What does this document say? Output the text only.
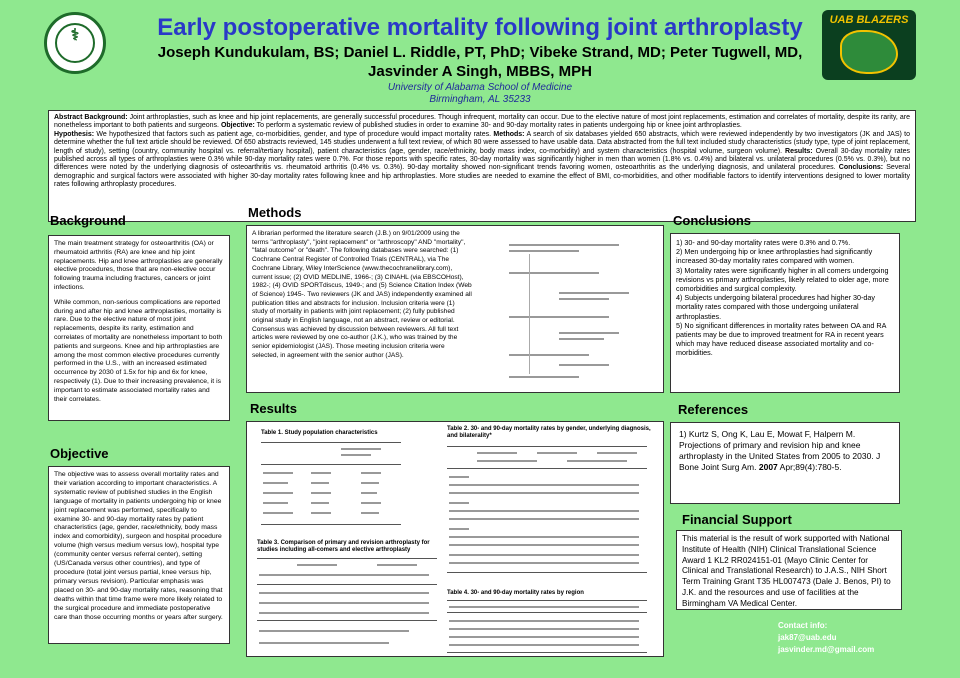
⚕	Early postoperative mortality following joint arthroplasty
Joseph Kundukulam, BS; Daniel L. Riddle, PT, PhD; Vibeke Strand, MD; Peter Tugwell, MD,
Jasvinder A Singh, MBBS, MPH
University of Alabama School of Medicine
Birmingham, AL 35233
UAB BLAZERS
Abstract Background: Joint arthroplasties, such as knee and hip joint replacements, are generally successful procedures. Though infrequent, mortality can occur. Due to the elective nature of most joint replacements, estimation and correlates of mortality, despite its rarity, are nonetheless important to both patients and surgeons. Objective: To perform a systematic review of published studies in order to examine 30- and 90-day mortality rates in patients undergoing hip or knee joint arthroplasties.
Hypothesis: We hypothesized that factors such as patient age, co-morbidities, gender, and type of procedure would impact mortality rates. Methods: A search of six databases yielded 650 abstracts, which were reviewed independently by two investigators (JK and JAS) to determine whether the full text article should be reviewed. Of 650 abstracts reviewed, 145 studies underwent a full text review, of which 80 were assessed to have usable data. Data abstracted from the full text included study characteristics (study type, type of joint replacement, length of study), setting (country, community hospital vs. referral/tertiary hospital), patient characteristics (age, gender, race/ethnicity, body mass index, co-morbidity) and system characteristics (hospital volume, surgeon volume). Results: Overall 30-day mortality rates published across all types of arthroplasties were 0.3% while 90-day mortality rates were 0.7%. For those reports with specific rates, 30-day mortality was significantly higher in men than women (1.8% vs. 0.4%) and bilateral vs. unilateral procedures (0.5% vs. 0.3%), but no differences were noted by the underlying diagnosis of osteoarthritis vs. rheumatoid arthritis (0.4% vs. 0.3%). 90-day mortality showed non-significant trends favoring women, osteoarthritis as the underlying diagnosis, and unilateral procedures. Conclusions: Several demographic and surgical factors were associated with higher 30-day mortality rates following knee and hip arthroplasties. More studies are needed to examine the effect of BMI, co-morbidities, and other modifiable factors to identify interventions designed to lower mortality rates following arthroplasty procedures.
Background

The main treatment strategy for osteoarthritis (OA) or rheumatoid arthritis (RA) are knee and hip joint replacements. Hip and knee arthroplasties are generally elective procedures, those that are non-elective occur following trauma including fractures, cancers or joint infections.

While common, non-serious complications are reported during and after hip and knee arthroplasties, mortality is rare. Due to the elective nature of most joint replacements, despite its rarity, estimation and correlates of mortality are nonetheless important to both patients and surgeons. Knee and hip arthroplasties are among the most common elective procedures currently performed in the U.S., with an increased estimated occurrence by 2030 of 1.5x for hip and 6x for knee, respectively (1). Due to their increasing prevalence, it is important to estimate associated mortality rates and their correlates.

Objective

The objective was to assess overall mortality rates and their variation according to important characteristics. A systematic review of published studies in the English language of mortality in patients undergoing hip or knee joint replacement was performed, specifically to examine 30- and 90-day mortality rates by patient characteristics (age, gender, race/ethnicity, body mass index and comorbidity), surgeon and hospital procedure volume (high versus medium versus low), hospital type (community center versus referral center), setting (US/Canada versus other countries), and type of procedure (total joint versus partial, knee versus hip, primary versus revision). Particular emphasis was placed on 30- and 90-day mortality rates, reasoning that deaths within that time frame were more likely related to the surgical procedure and immediate postoperative care than those occurring months or years after surgery.

Methods
A librarian performed the literature search (J.B.) on 9/01/2009 using the terms "arthroplasty", "joint replacement" or "arthroscopy" AND "mortality", "fatal outcome" or "death". The following databases were searched: (1) Cochrane Central Register of Controlled Trials (CENTRAL), via The Cochrane Library, Wiley InterScience (www.thecochranelibrary.com), current issue; (2) OVID MEDLINE, 1966-; (3) CINAHL (via EBSCOHost), 1982-; (4) OVID SPORTdiscus, 1949-; and (5) Science Citation Index (Web of Science) 1945-. Two reviewers (JK and JAS) independently examined all publication titles and abstracts for inclusion. Inclusion criteria were (1) study of mortality in patients with joint replacement; (2) fully published original study in English language, not an abstract, review or editorial. Consensus was achieved by discussion between reviewers. All full text articles were reviewed by one co-author (J.K.), who was trained by the senior epidemiologist (JAS). Those meeting inclusion criteria were selected, in agreement with the senior author (JAS).
Results
Table 1. Study population characteristics
Table 3. Comparison of primary and revision arthroplasty for studies including all-comers and elective arthroplasty
Table 2. 30- and 90-day mortality rates by gender, underlying diagnosis, and bilaterality*
Table 4. 30- and 90-day mortality rates by region
Conclusions
1) 30- and 90-day mortality rates were 0.3% and 0.7%.
2) Men undergoing hip or knee arthroplasties had significantly increased 30-day mortality rates compared with women.
3) Mortality rates were significantly higher in all comers undergoing revisions vs primary arthroplasties, likely related to older age, more comorbidities and surgical complexity.
4) Subjects undergoing bilateral procedures had higher 30-day mortality rates compared with those undergoing unilateral arthroplasties.
5) No significant differences in mortality rates between OA and RA patients may be due to improved treatment for RA in recent years which may have reduced disease associated mortality and co-morbidities.
References
1) Kurtz S, Ong K, Lau E, Mowat F, Halpern M. Projections of primary and revision hip and knee arthroplasty in the United States from 2005 to 2030. J Bone Joint Surg Am. 2007 Apr;89(4):780-5.
Financial Support
This material is the result of work supported with National Institute of Health (NIH) Clinical Translational Science Award 1 KL2 RR024151-01 (Mayo Clinic Center for Clinical and Translational Research) to J.A.S., NIH Short Term Training Grant T35 HL007473 (Dale J. Benos, PI) to J.K. and the resources and use of facilities at the Birmingham VA Medical Center.
Contact info:
jak87@uab.edu
jasvinder.md@gmail.com
